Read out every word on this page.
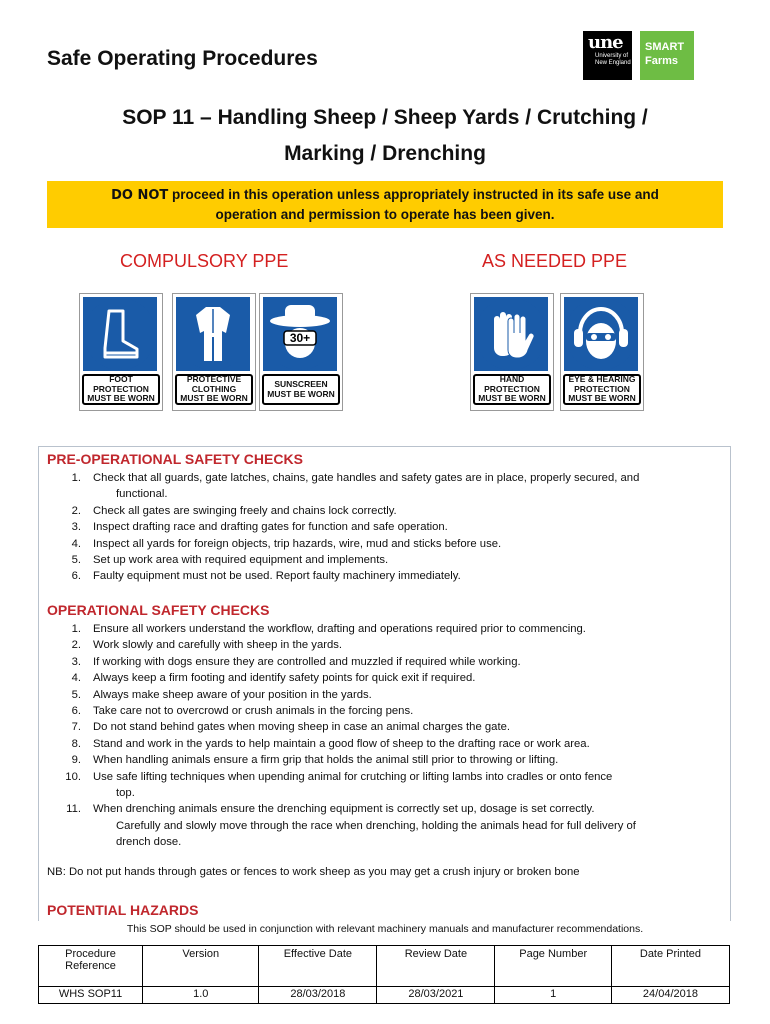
Safe Operating Procedures
une
University of New England
SMART
Farms
SOP 11 – Handling Sheep / Sheep Yards / Crutching /
Marking / Drenching
DO NOT proceed in this operation unless appropriately instructed in its safe use and
operation and permission to operate has been given.
COMPULSORY PPE	AS NEEDED PPE
FOOT
PROTECTION
MUST BE WORN
PROTECTIVE
CLOTHING
MUST BE WORN
30+
SUNSCREEN
MUST BE WORN
HAND
PROTECTION
MUST BE WORN
EYE & HEARING
PROTECTION
MUST BE WORN
PRE-OPERATIONAL SAFETY CHECKS
1. Check that all guards, gate latches, chains, gate handles and safety gates are in place, properly secured, and
functional.
2. Check all gates are swinging freely and chains lock correctly.
3. Inspect drafting race and drafting gates for function and safe operation.
4. Inspect all yards for foreign objects, trip hazards, wire, mud and sticks before use.
5. Set up work area with required equipment and implements.
6. Faulty equipment must not be used. Report faulty machinery immediately.
OPERATIONAL SAFETY CHECKS
1. Ensure all workers understand the workflow, drafting and operations required prior to commencing.
2. Work slowly and carefully with sheep in the yards.
3. If working with dogs ensure they are controlled and muzzled if required while working.
4. Always keep a firm footing and identify safety points for quick exit if required.
5. Always make sheep aware of your position in the yards.
6. Take care not to overcrowd or crush animals in the forcing pens.
7. Do not stand behind gates when moving sheep in case an animal charges the gate.
8. Stand and work in the yards to help maintain a good flow of sheep to the drafting race or work area.
9. When handling animals ensure a firm grip that holds the animal still prior to throwing or lifting.
10. Use safe lifting techniques when upending animal for crutching or lifting lambs into cradles or onto fence
top.
11. When drenching animals ensure the drenching equipment is correctly set up, dosage is set correctly.
Carefully and slowly move through the race when drenching, holding the animals head for full delivery of
drench dose.
NB: Do not put hands through gates or fences to work sheep as you may get a crush injury or broken bone
POTENTIAL HAZARDS
This SOP should be used in conjunction with relevant machinery manuals and manufacturer recommendations.
Procedure
Reference	Version	Effective Date	Review Date	Page Number	Date Printed
WHS SOP11	1.0	28/03/2018	28/03/2021	1	24/04/2018
